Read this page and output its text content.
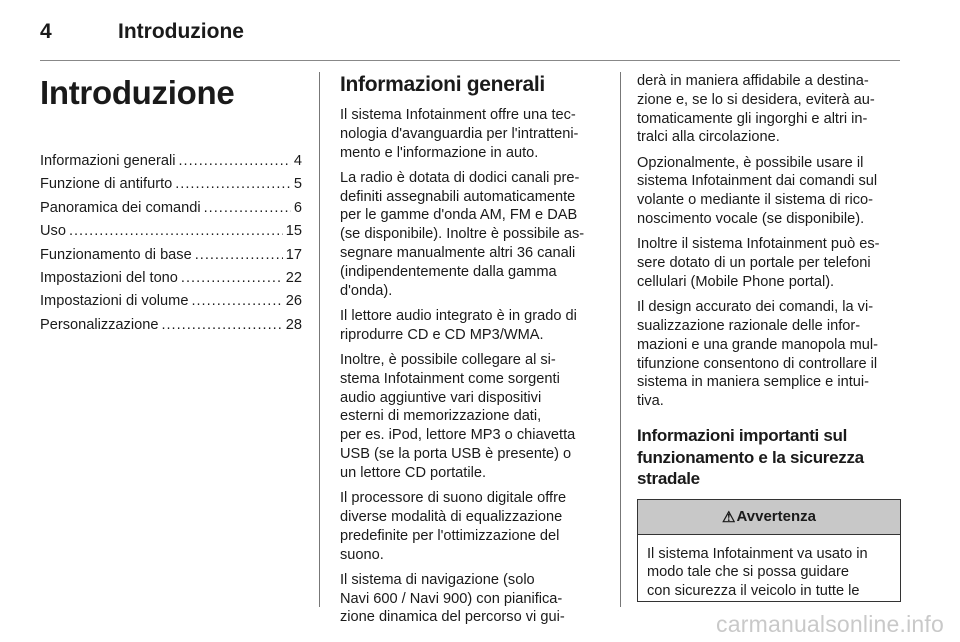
4	Introduzione
Introduzione
Informazioni generali .....	4
Funzione di antifurto .....	5
Panoramica dei comandi .....	6
Uso .....	15
Funzionamento di base .....	17
Impostazioni del tono .....	22
Impostazioni di volume .....	26
Personalizzazione .....	28
Informazioni generali

Il sistema Infotainment offre una tec-
nologia d'avanguardia per l'intratteni-
mento e l'informazione in auto.

La radio è dotata di dodici canali pre-
definiti assegnabili automaticamente
per le gamme d'onda AM, FM e DAB
(se disponibile). Inoltre è possibile as-
segnare manualmente altri 36 canali
(indipendentemente dalla gamma
d'onda).

Il lettore audio integrato è in grado di
riprodurre CD e CD MP3/WMA.

Inoltre, è possibile collegare al si-
stema Infotainment come sorgenti
audio aggiuntive vari dispositivi
esterni di memorizzazione dati,
per es. iPod, lettore MP3 o chiavetta
USB (se la porta USB è presente) o
un lettore CD portatile.

Il processore di suono digitale offre
diverse modalità di equalizzazione
predefinite per l'ottimizzazione del
suono.

Il sistema di navigazione (solo
Navi 600 / Navi 900) con pianifica-
zione dinamica del percorso vi gui-

derà in maniera affidabile a destina-
zione e, se lo si desidera, eviterà au-
tomaticamente gli ingorghi e altri in-
tralci alla circolazione.

Opzionalmente, è possibile usare il
sistema Infotainment dai comandi sul
volante o mediante il sistema di rico-
noscimento vocale (se disponibile).

Inoltre il sistema Infotainment può es-
sere dotato di un portale per telefoni
cellulari (Mobile Phone portal).

Il design accurato dei comandi, la vi-
sualizzazione razionale delle infor-
mazioni e una grande manopola mul-
tifunzione consentono di controllare il
sistema in maniera semplice e intui-
tiva.

Informazioni importanti sul
funzionamento e la sicurezza
stradale
⚠ Avvertenza

Il sistema Infotainment va usato in
modo tale che si possa guidare
con sicurezza il veicolo in tutte le

carmanualsonline.info
